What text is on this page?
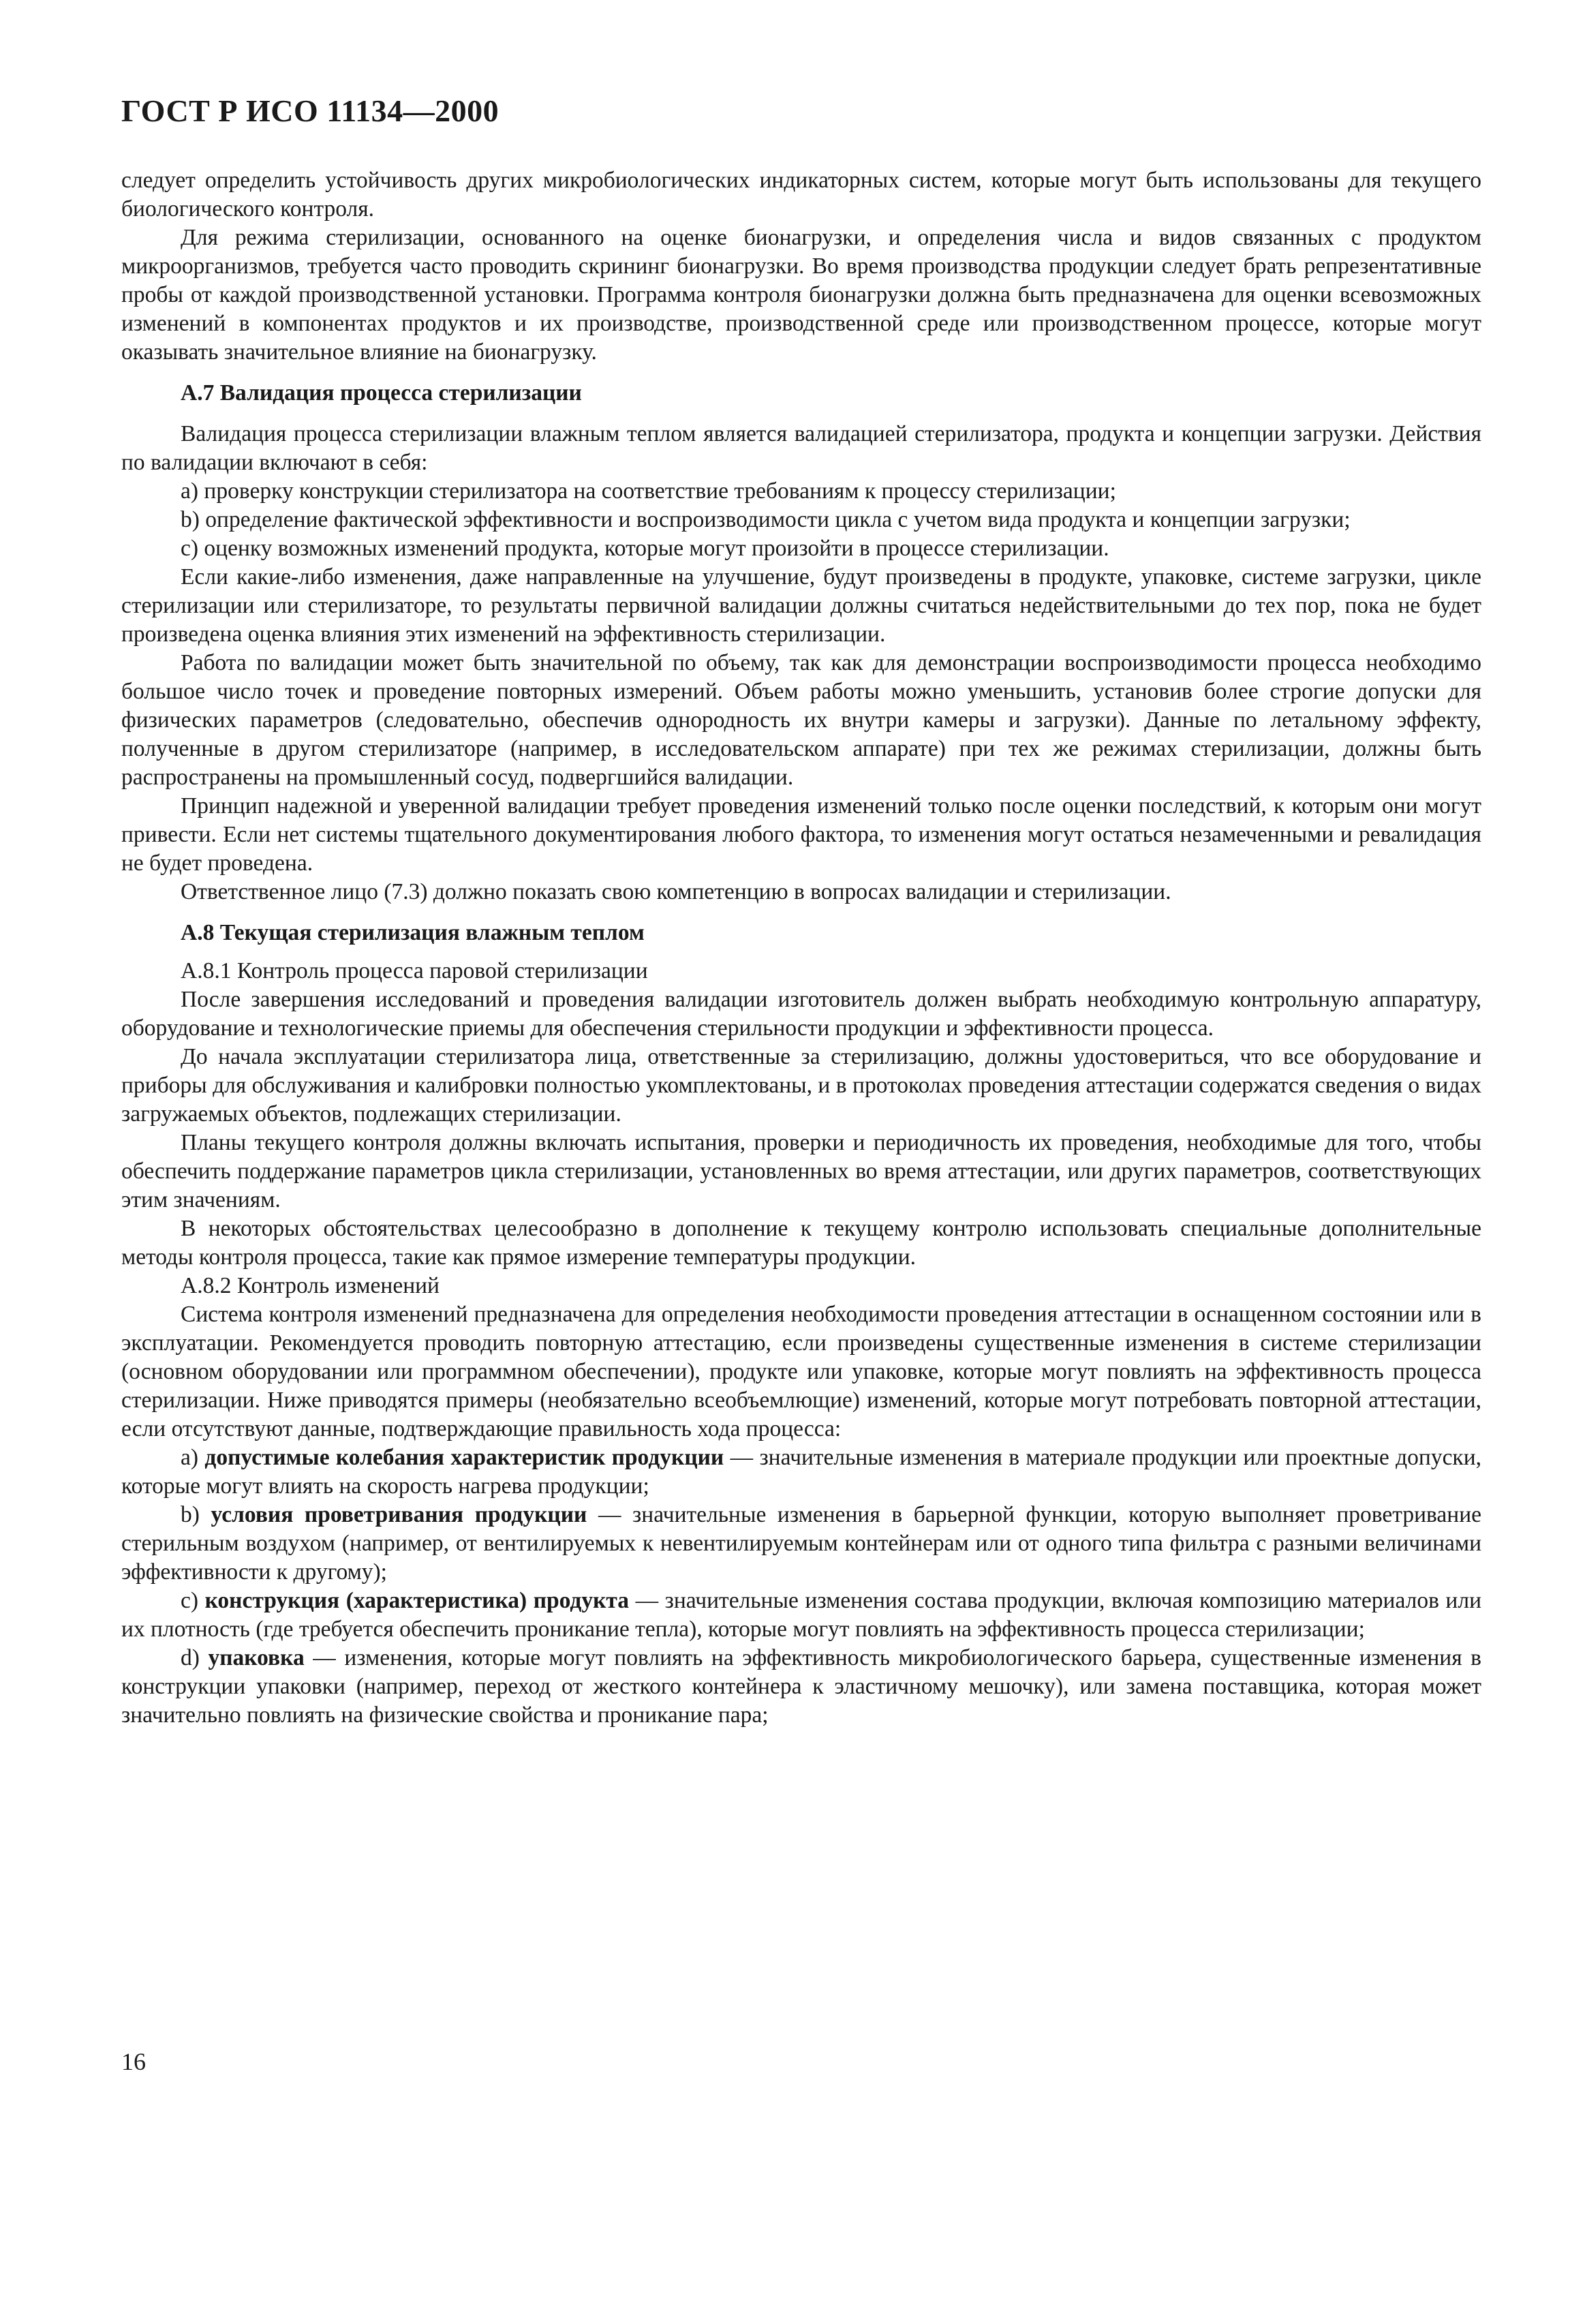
ГОСТ Р ИСО 11134—2000

следует определить устойчивость других микробиологических индикаторных систем, которые могут быть использованы для текущего биологического контроля.

Для режима стерилизации, основанного на оценке бионагрузки, и определения числа и видов связанных с продуктом микроорганизмов, требуется часто проводить скрининг бионагрузки. Во время производства продукции следует брать репрезентативные пробы от каждой производственной установки. Программа контроля бионагрузки должна быть предназначена для оценки всевозможных изменений в компонентах продуктов и их производстве, производственной среде или производственном процессе, которые могут оказывать значительное влияние на бионагрузку.

А.7 Валидация процесса стерилизации

Валидация процесса стерилизации влажным теплом является валидацией стерилизатора, продукта и концепции загрузки. Действия по валидации включают в себя:

а) проверку конструкции стерилизатора на соответствие требованиям к процессу стерилизации;

b) определение фактической эффективности и воспроизводимости цикла с учетом вида продукта и концепции загрузки;

с) оценку возможных изменений продукта, которые могут произойти в процессе стерилизации.

Если какие-либо изменения, даже направленные на улучшение, будут произведены в продукте, упаковке, системе загрузки, цикле стерилизации или стерилизаторе, то результаты первичной валидации должны считаться недействительными до тех пор, пока не будет произведена оценка влияния этих изменений на эффективность стерилизации.

Работа по валидации может быть значительной по объему, так как для демонстрации воспроизводимости процесса необходимо большое число точек и проведение повторных измерений. Объем работы можно уменьшить, установив более строгие допуски для физических параметров (следовательно, обеспечив однородность их внутри камеры и загрузки). Данные по летальному эффекту, полученные в другом стерилизаторе (например, в исследовательском аппарате) при тех же режимах стерилизации, должны быть распространены на промышленный сосуд, подвергшийся валидации.

Принцип надежной и уверенной валидации требует проведения изменений только после оценки последствий, к которым они могут привести. Если нет системы тщательного документирования любого фактора, то изменения могут остаться незамеченными и ревалидация не будет проведена.

Ответственное лицо (7.3) должно показать свою компетенцию в вопросах валидации и стерилизации.

А.8 Текущая стерилизация влажным теплом

А.8.1 Контроль процесса паровой стерилизации

После завершения исследований и проведения валидации изготовитель должен выбрать необходимую контрольную аппаратуру, оборудование и технологические приемы для обеспечения стерильности продукции и эффективности процесса.

До начала эксплуатации стерилизатора лица, ответственные за стерилизацию, должны удостовериться, что все оборудование и приборы для обслуживания и калибровки полностью укомплектованы, и в протоколах проведения аттестации содержатся сведения о видах загружаемых объектов, подлежащих стерилизации.

Планы текущего контроля должны включать испытания, проверки и периодичность их проведения, необходимые для того, чтобы обеспечить поддержание параметров цикла стерилизации, установленных во время аттестации, или других параметров, соответствующих этим значениям.

В некоторых обстоятельствах целесообразно в дополнение к текущему контролю использовать специальные дополнительные методы контроля процесса, такие как прямое измерение температуры продукции.

А.8.2 Контроль изменений

Система контроля изменений предназначена для определения необходимости проведения аттестации в оснащенном состоянии или в эксплуатации. Рекомендуется проводить повторную аттестацию, если произведены существенные изменения в системе стерилизации (основном оборудовании или программном обеспечении), продукте или упаковке, которые могут повлиять на эффективность процесса стерилизации. Ниже приводятся примеры (необязательно всеобъемлющие) изменений, которые могут потребовать повторной аттестации, если отсутствуют данные, подтверждающие правильность хода процесса:

а) допустимые колебания характеристик продукции — значительные изменения в материале продукции или проектные допуски, которые могут влиять на скорость нагрева продукции;

b) условия проветривания продукции — значительные изменения в барьерной функции, которую выполняет проветривание стерильным воздухом (например, от вентилируемых к невентилируемым контейнерам или от одного типа фильтра с разными величинами эффективности к другому);

с) конструкция (характеристика) продукта — значительные изменения состава продукции, включая композицию материалов или их плотность (где требуется обеспечить проникание тепла), которые могут повлиять на эффективность процесса стерилизации;

d) упаковка — изменения, которые могут повлиять на эффективность микробиологического барьера, существенные изменения в конструкции упаковки (например, переход от жесткого контейнера к эластичному мешочку), или замена поставщика, которая может значительно повлиять на физические свойства и проникание пара;

16
